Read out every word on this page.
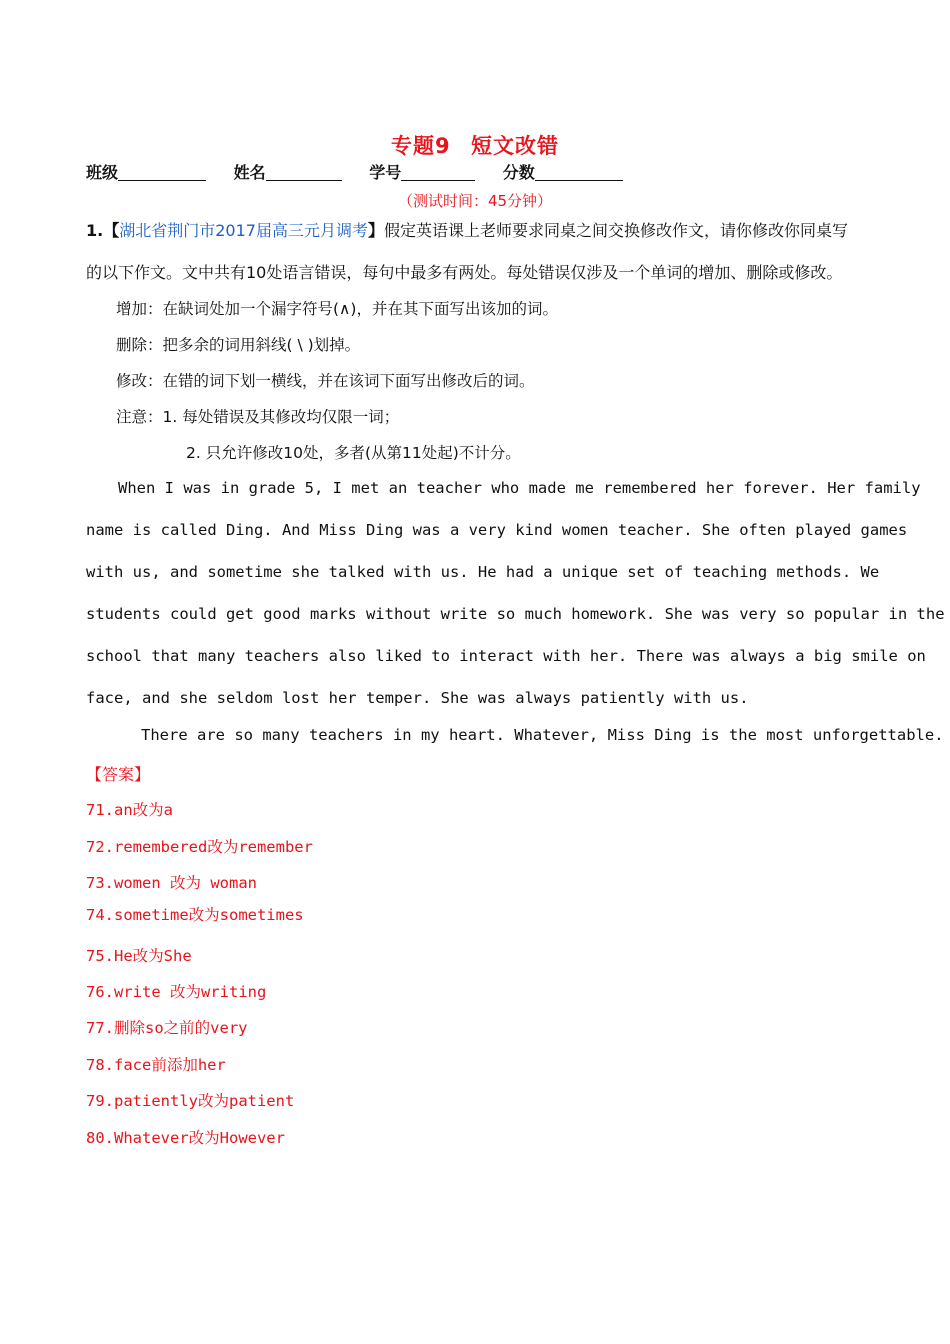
专题9 短文改错
班级	姓名	学号	分数
（测试时间：45分钟）
1.【湖北省荆门市2017届高三元月调考】假定英语课上老师要求同桌之间交换修改作文，请你修改你同桌写
的以下作文。文中共有10处语言错误，每句中最多有两处。每处错误仅涉及一个单词的增加、删除或修改。
增加：在缺词处加一个漏字符号(∧)，并在其下面写出该加的词。
删除：把多余的词用斜线( \ )划掉。
修改：在错的词下划一横线，并在该词下面写出修改后的词。
注意：1. 每处错误及其修改均仅限一词；
2. 只允许修改10处，多者(从第11处起)不计分。
When I was in grade 5, I met an teacher who made me remembered her forever. Her family
name is called Ding. And Miss Ding was a very kind women teacher. She often played games
with us, and sometime she talked with us. He had a unique set of teaching methods. We
students could get good marks without write so much homework. She was very so popular in the
school that many teachers also liked to interact with her. There was always a big smile on
face, and she seldom lost her temper. She was always patiently with us.
There are so many teachers in my heart. Whatever, Miss Ding is the most unforgettable.
【答案】
71.an改为a
72.remembered改为remember
73.women 改为 woman
74.sometime改为sometimes
75.He改为She
76.write 改为writing
77.删除so之前的very
78.face前添加her
79.patiently改为patient
80.Whatever改为However
